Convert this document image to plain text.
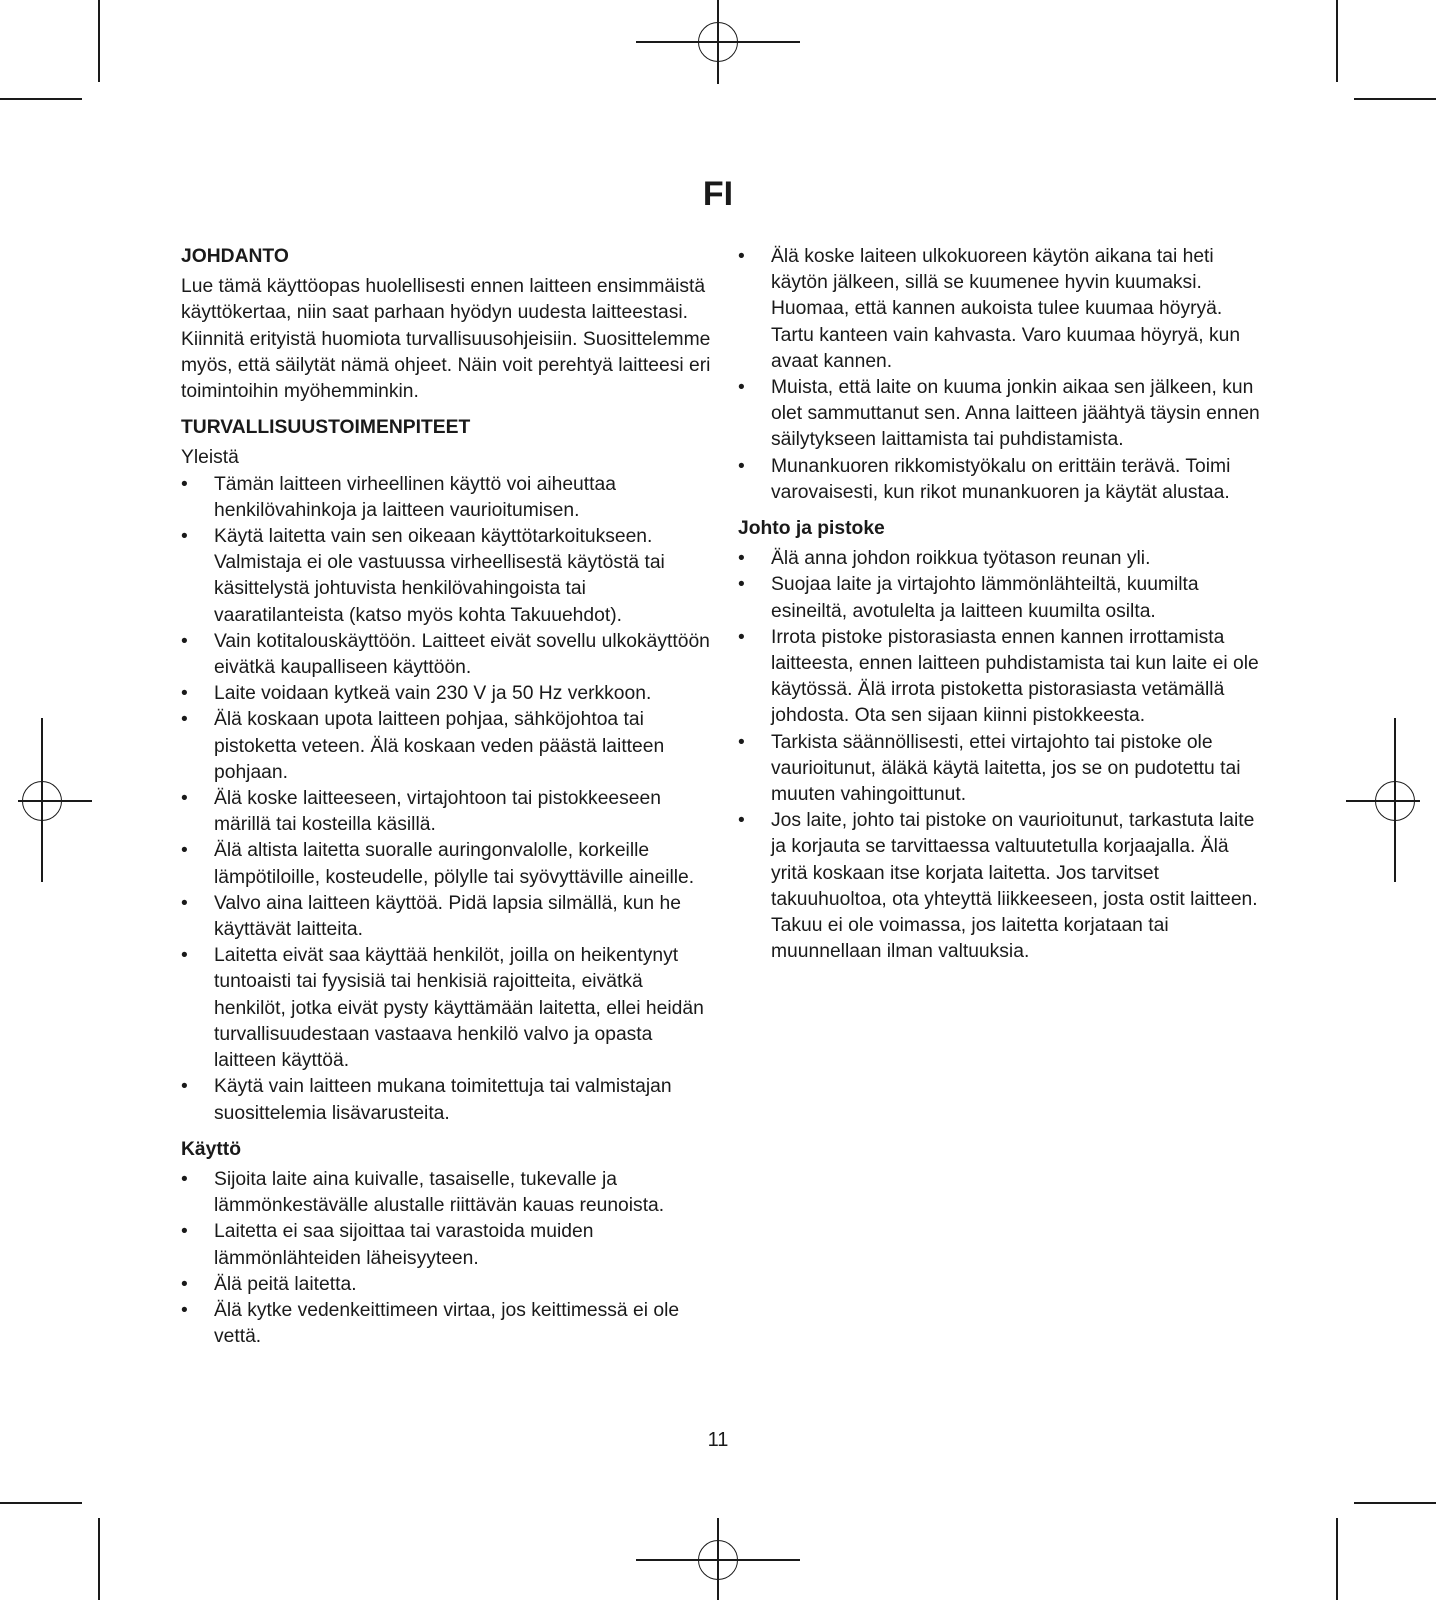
FI
JOHDANTO

Lue tämä käyttöopas huolellisesti ennen laitteen ensimmäistä käyttökertaa, niin saat parhaan hyödyn uudesta laitteestasi. Kiinnitä erityistä huomiota turvallisuusohjeisiin. Suosittelemme myös, että säilytät nämä ohjeet. Näin voit perehtyä laitteesi eri toimintoihin myöhemminkin.

TURVALLISUUSTOIMENPITEET

Yleistä

• Tämän laitteen virheellinen käyttö voi aiheuttaa henkilövahinkoja ja laitteen vaurioitumisen.
• Käytä laitetta vain sen oikeaan käyttötarkoitukseen. Valmistaja ei ole vastuussa virheellisestä käytöstä tai käsittelystä johtuvista henkilövahingoista tai vaaratilanteista (katso myös kohta Takuuehdot).
• Vain kotitalouskäyttöön. Laitteet eivät sovellu ulkokäyttöön eivätkä kaupalliseen käyttöön.
• Laite voidaan kytkeä vain 230 V ja 50 Hz verkkoon.
• Älä koskaan upota laitteen pohjaa, sähköjohtoa tai pistoketta veteen. Älä koskaan veden päästä laitteen pohjaan.
• Älä koske laitteeseen, virtajohtoon tai pistokkeeseen märillä tai kosteilla käsillä.
• Älä altista laitetta suoralle auringonvalolle, korkeille lämpötiloille, kosteudelle, pölylle tai syövyttäville aineille.
• Valvo aina laitteen käyttöä. Pidä lapsia silmällä, kun he käyttävät laitteita.
• Laitetta eivät saa käyttää henkilöt, joilla on heikentynyt tuntoaisti tai fyysisiä tai henkisiä rajoitteita, eivätkä henkilöt, jotka eivät pysty käyttämään laitetta, ellei heidän turvallisuudestaan vastaava henkilö valvo ja opasta laitteen käyttöä.
• Käytä vain laitteen mukana toimitettuja tai valmistajan suosittelemia lisävarusteita.
Käyttö
• Sijoita laite aina kuivalle, tasaiselle, tukevalle ja lämmönkestävälle alustalle riittävän kauas reunoista.
• Laitetta ei saa sijoittaa tai varastoida muiden lämmönlähteiden läheisyyteen.
• Älä peitä laitetta.
• Älä kytke vedenkeittimeen virtaa, jos keittimessä ei ole vettä.
• Älä koske laiteen ulkokuoreen käytön aikana tai heti käytön jälkeen, sillä se kuumenee hyvin kuumaksi. Huomaa, että kannen aukoista tulee kuumaa höyryä. Tartu kanteen vain kahvasta. Varo kuumaa höyryä, kun avaat kannen.
• Muista, että laite on kuuma jonkin aikaa sen jälkeen, kun olet sammuttanut sen. Anna laitteen jäähtyä täysin ennen säilytykseen laittamista tai puhdistamista.
• Munankuoren rikkomistyökalu on erittäin terävä. Toimi varovaisesti, kun rikot munankuoren ja käytät alustaa.
Johto ja pistoke
• Älä anna johdon roikkua työtason reunan yli.
• Suojaa laite ja virtajohto lämmönlähteiltä, kuumilta esineiltä, avotulelta ja laitteen kuumilta osilta.
• Irrota pistoke pistorasiasta ennen kannen irrottamista laitteesta, ennen laitteen puhdistamista tai kun laite ei ole käytössä. Älä irrota pistoketta pistorasiasta vetämällä johdosta. Ota sen sijaan kiinni pistokkeesta.
• Tarkista säännöllisesti, ettei virtajohto tai pistoke ole vaurioitunut, äläkä käytä laitetta, jos se on pudotettu tai muuten vahingoittunut.
• Jos laite, johto tai pistoke on vaurioitunut, tarkastuta laite ja korjauta se tarvittaessa valtuutetulla korjaajalla. Älä yritä koskaan itse korjata laitetta. Jos tarvitset takuuhuoltoa, ota yhteyttä liikkeeseen, josta ostit laitteen. Takuu ei ole voimassa, jos laitetta korjataan tai muunnellaan ilman valtuuksia.
11
